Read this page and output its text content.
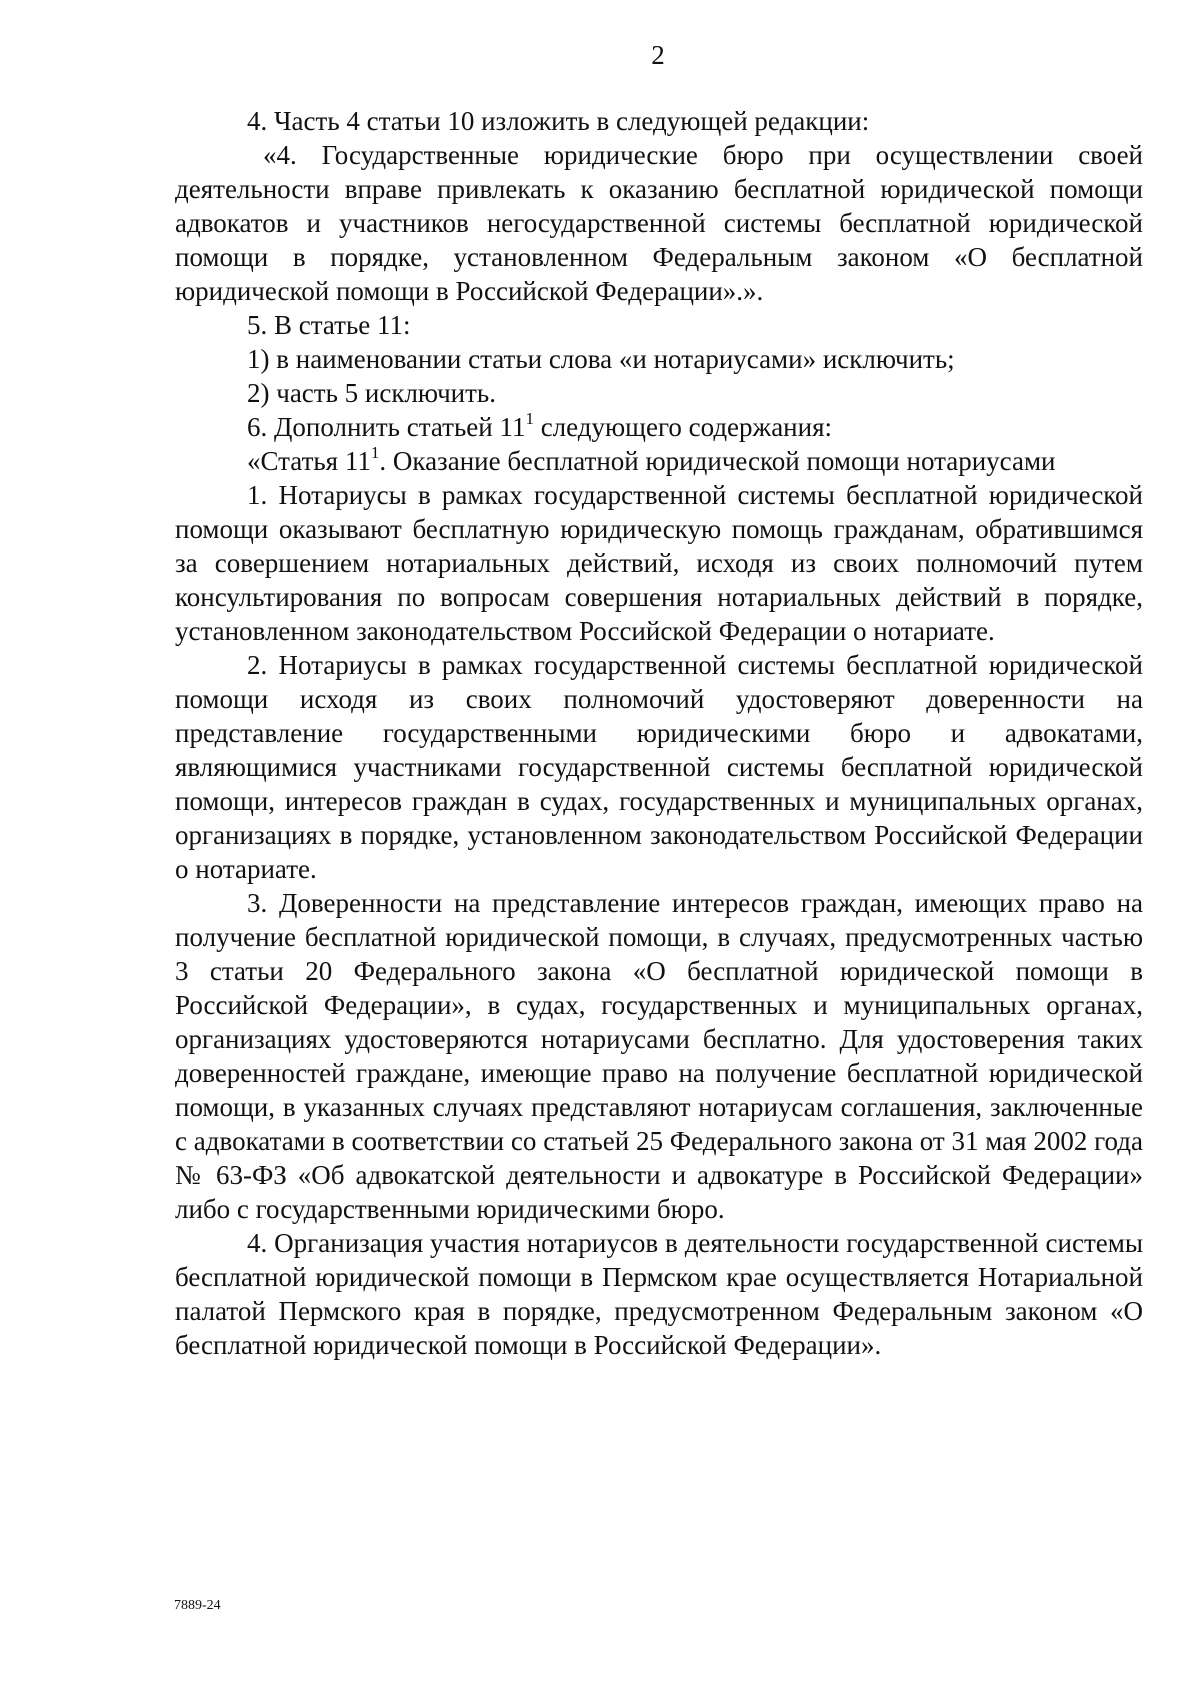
2

4. Часть 4 статьи 10 изложить в следующей редакции:

«4. Государственные юридические бюро при осуществлении своей деятельности вправе привлекать к оказанию бесплатной юридической помощи адвокатов и участников негосударственной системы бесплатной юридической помощи в порядке, установленном Федеральным законом «О бесплатной юридической помощи в Российской Федерации».».

5. В статье 11:

1) в наименовании статьи слова «и нотариусами» исключить;

2) часть 5 исключить.

6. Дополнить статьей $11^1$ следующего содержания:

«Статья $11^1$. Оказание бесплатной юридической помощи нотариусами

1. Нотариусы в рамках государственной системы бесплатной юридической помощи оказывают бесплатную юридическую помощь гражданам, обратившимся за совершением нотариальных действий, исходя из своих полномочий путем консультирования по вопросам совершения нотариальных действий в порядке, установленном законодательством Российской Федерации о нотариате.

2. Нотариусы в рамках государственной системы бесплатной юридической помощи исходя из своих полномочий удостоверяют доверенности на представление государственными юридическими бюро и адвокатами, являющимися участниками государственной системы бесплатной юридической помощи, интересов граждан в судах, государственных и муниципальных органах, организациях в порядке, установленном законодательством Российской Федерации о нотариате.

3. Доверенности на представление интересов граждан, имеющих право на получение бесплатной юридической помощи, в случаях, предусмотренных частью 3 статьи 20 Федерального закона «О бесплатной юридической помощи в Российской Федерации», в судах, государственных и муниципальных органах, организациях удостоверяются нотариусами бесплатно. Для удостоверения таких доверенностей граждане, имеющие право на получение бесплатной юридической помощи, в указанных случаях представляют нотариусам соглашения, заключенные с адвокатами в соответствии со статьей 25 Федерального закона от 31 мая 2002 года № 63-ФЗ «Об адвокатской деятельности и адвокатуре в Российской Федерации» либо с государственными юридическими бюро.

4. Организация участия нотариусов в деятельности государственной системы бесплатной юридической помощи в Пермском крае осуществляется Нотариальной палатой Пермского края в порядке, предусмотренном Федеральным законом «О бесплатной юридической помощи в Российской Федерации».

7889-24
